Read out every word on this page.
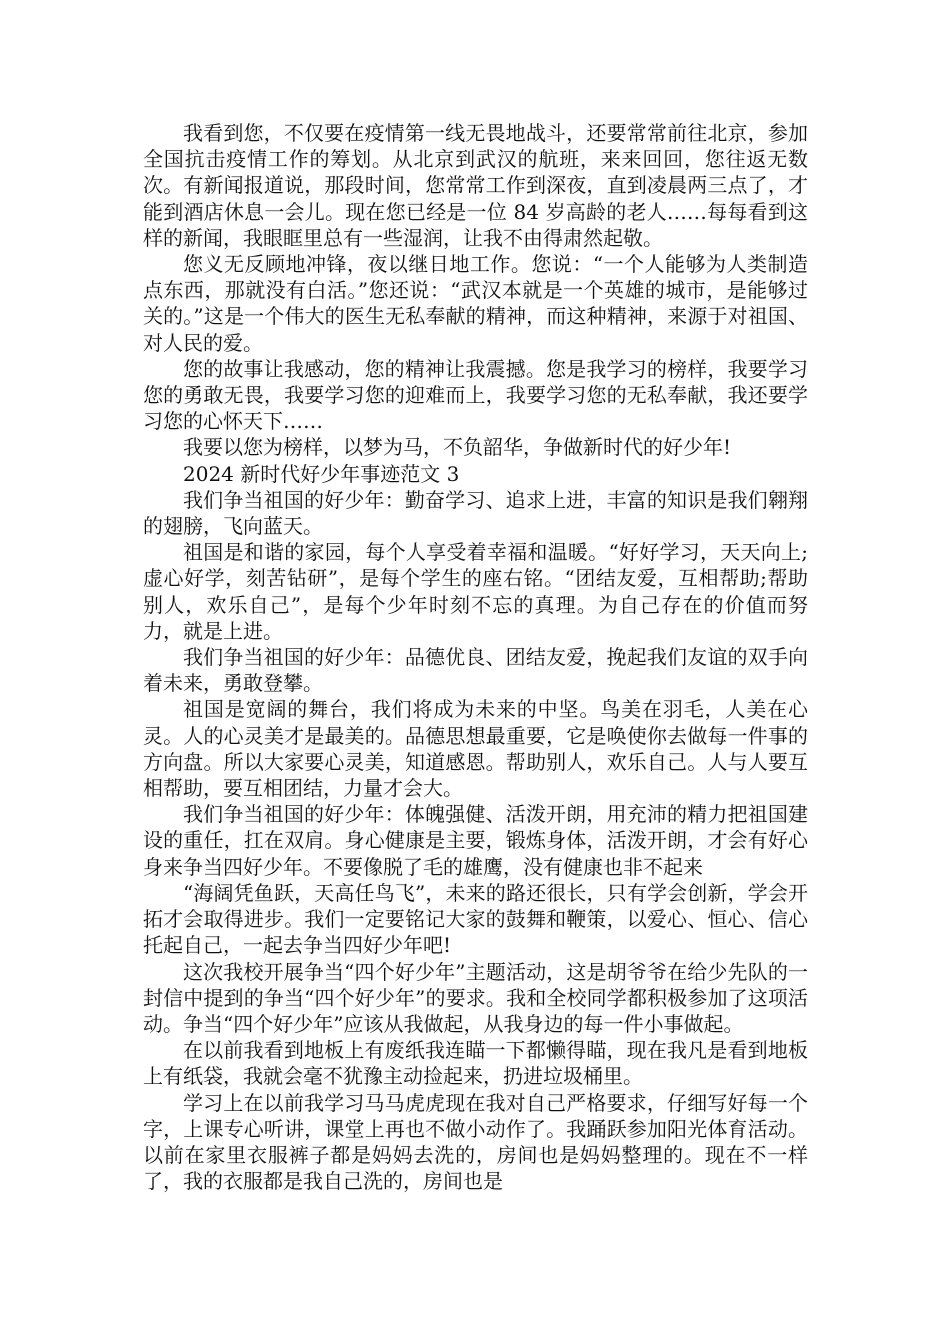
我看到您，不仅要在疫情第一线无畏地战斗，还要常常前往北京，参加全国抗击疫情工作的筹划。从北京到武汉的航班，来来回回，您往返无数次。有新闻报道说，那段时间，您常常工作到深夜，直到凌晨两三点了，才能到酒店休息一会儿。现在您已经是一位 84 岁高龄的老人……每每看到这样的新闻，我眼眶里总有一些湿润，让我不由得肃然起敬。

您义无反顾地冲锋，夜以继日地工作。您说：“一个人能够为人类制造点东西，那就没有白活。”您还说：“武汉本就是一个英雄的城市，是能够过关的。”这是一个伟大的医生无私奉献的精神，而这种精神，来源于对祖国、对人民的爱。

您的故事让我感动，您的精神让我震撼。您是我学习的榜样，我要学习您的勇敢无畏，我要学习您的迎难而上，我要学习您的无私奉献，我还要学习您的心怀天下……

我要以您为榜样，以梦为马，不负韶华，争做新时代的好少年!

2024 新时代好少年事迹范文 3

我们争当祖国的好少年：勤奋学习、追求上进，丰富的知识是我们翱翔的翅膀，飞向蓝天。

祖国是和谐的家园，每个人享受着幸福和温暖。“好好学习，天天向上;虚心好学，刻苦钻研”，是每个学生的座右铭。“团结友爱，互相帮助;帮助别人，欢乐自己”，是每个少年时刻不忘的真理。为自己存在的价值而努力，就是上进。

我们争当祖国的好少年：品德优良、团结友爱，挽起我们友谊的双手向着未来，勇敢登攀。

祖国是宽阔的舞台，我们将成为未来的中坚。鸟美在羽毛，人美在心灵。人的心灵美才是最美的。品德思想最重要，它是唤使你去做每一件事的方向盘。所以大家要心灵美，知道感恩。帮助别人，欢乐自己。人与人要互相帮助，要互相团结，力量才会大。

我们争当祖国的好少年：体魄强健、活泼开朗，用充沛的精力把祖国建设的重任，扛在双肩。身心健康是主要，锻炼身体，活泼开朗，才会有好心身来争当四好少年。不要像脱了毛的雄鹰，没有健康也非不起来

“海阔凭鱼跃，天高任鸟飞”，未来的路还很长，只有学会创新，学会开拓才会取得进步。我们一定要铭记大家的鼓舞和鞭策，以爱心、恒心、信心托起自己，一起去争当四好少年吧!

这次我校开展争当“四个好少年”主题活动，这是胡爷爷在给少先队的一封信中提到的争当“四个好少年”的要求。我和全校同学都积极参加了这项活动。争当“四个好少年”应该从我做起，从我身边的每一件小事做起。

在以前我看到地板上有废纸我连瞄一下都懒得瞄，现在我凡是看到地板上有纸袋，我就会毫不犹豫主动捡起来，扔进垃圾桶里。

学习上在以前我学习马马虎虎现在我对自己严格要求，仔细写好每一个字，上课专心听讲，课堂上再也不做小动作了。我踊跃参加阳光体育活动。以前在家里衣服裤子都是妈妈去洗的，房间也是妈妈整理的。现在不一样了，我的衣服都是我自己洗的，房间也是
